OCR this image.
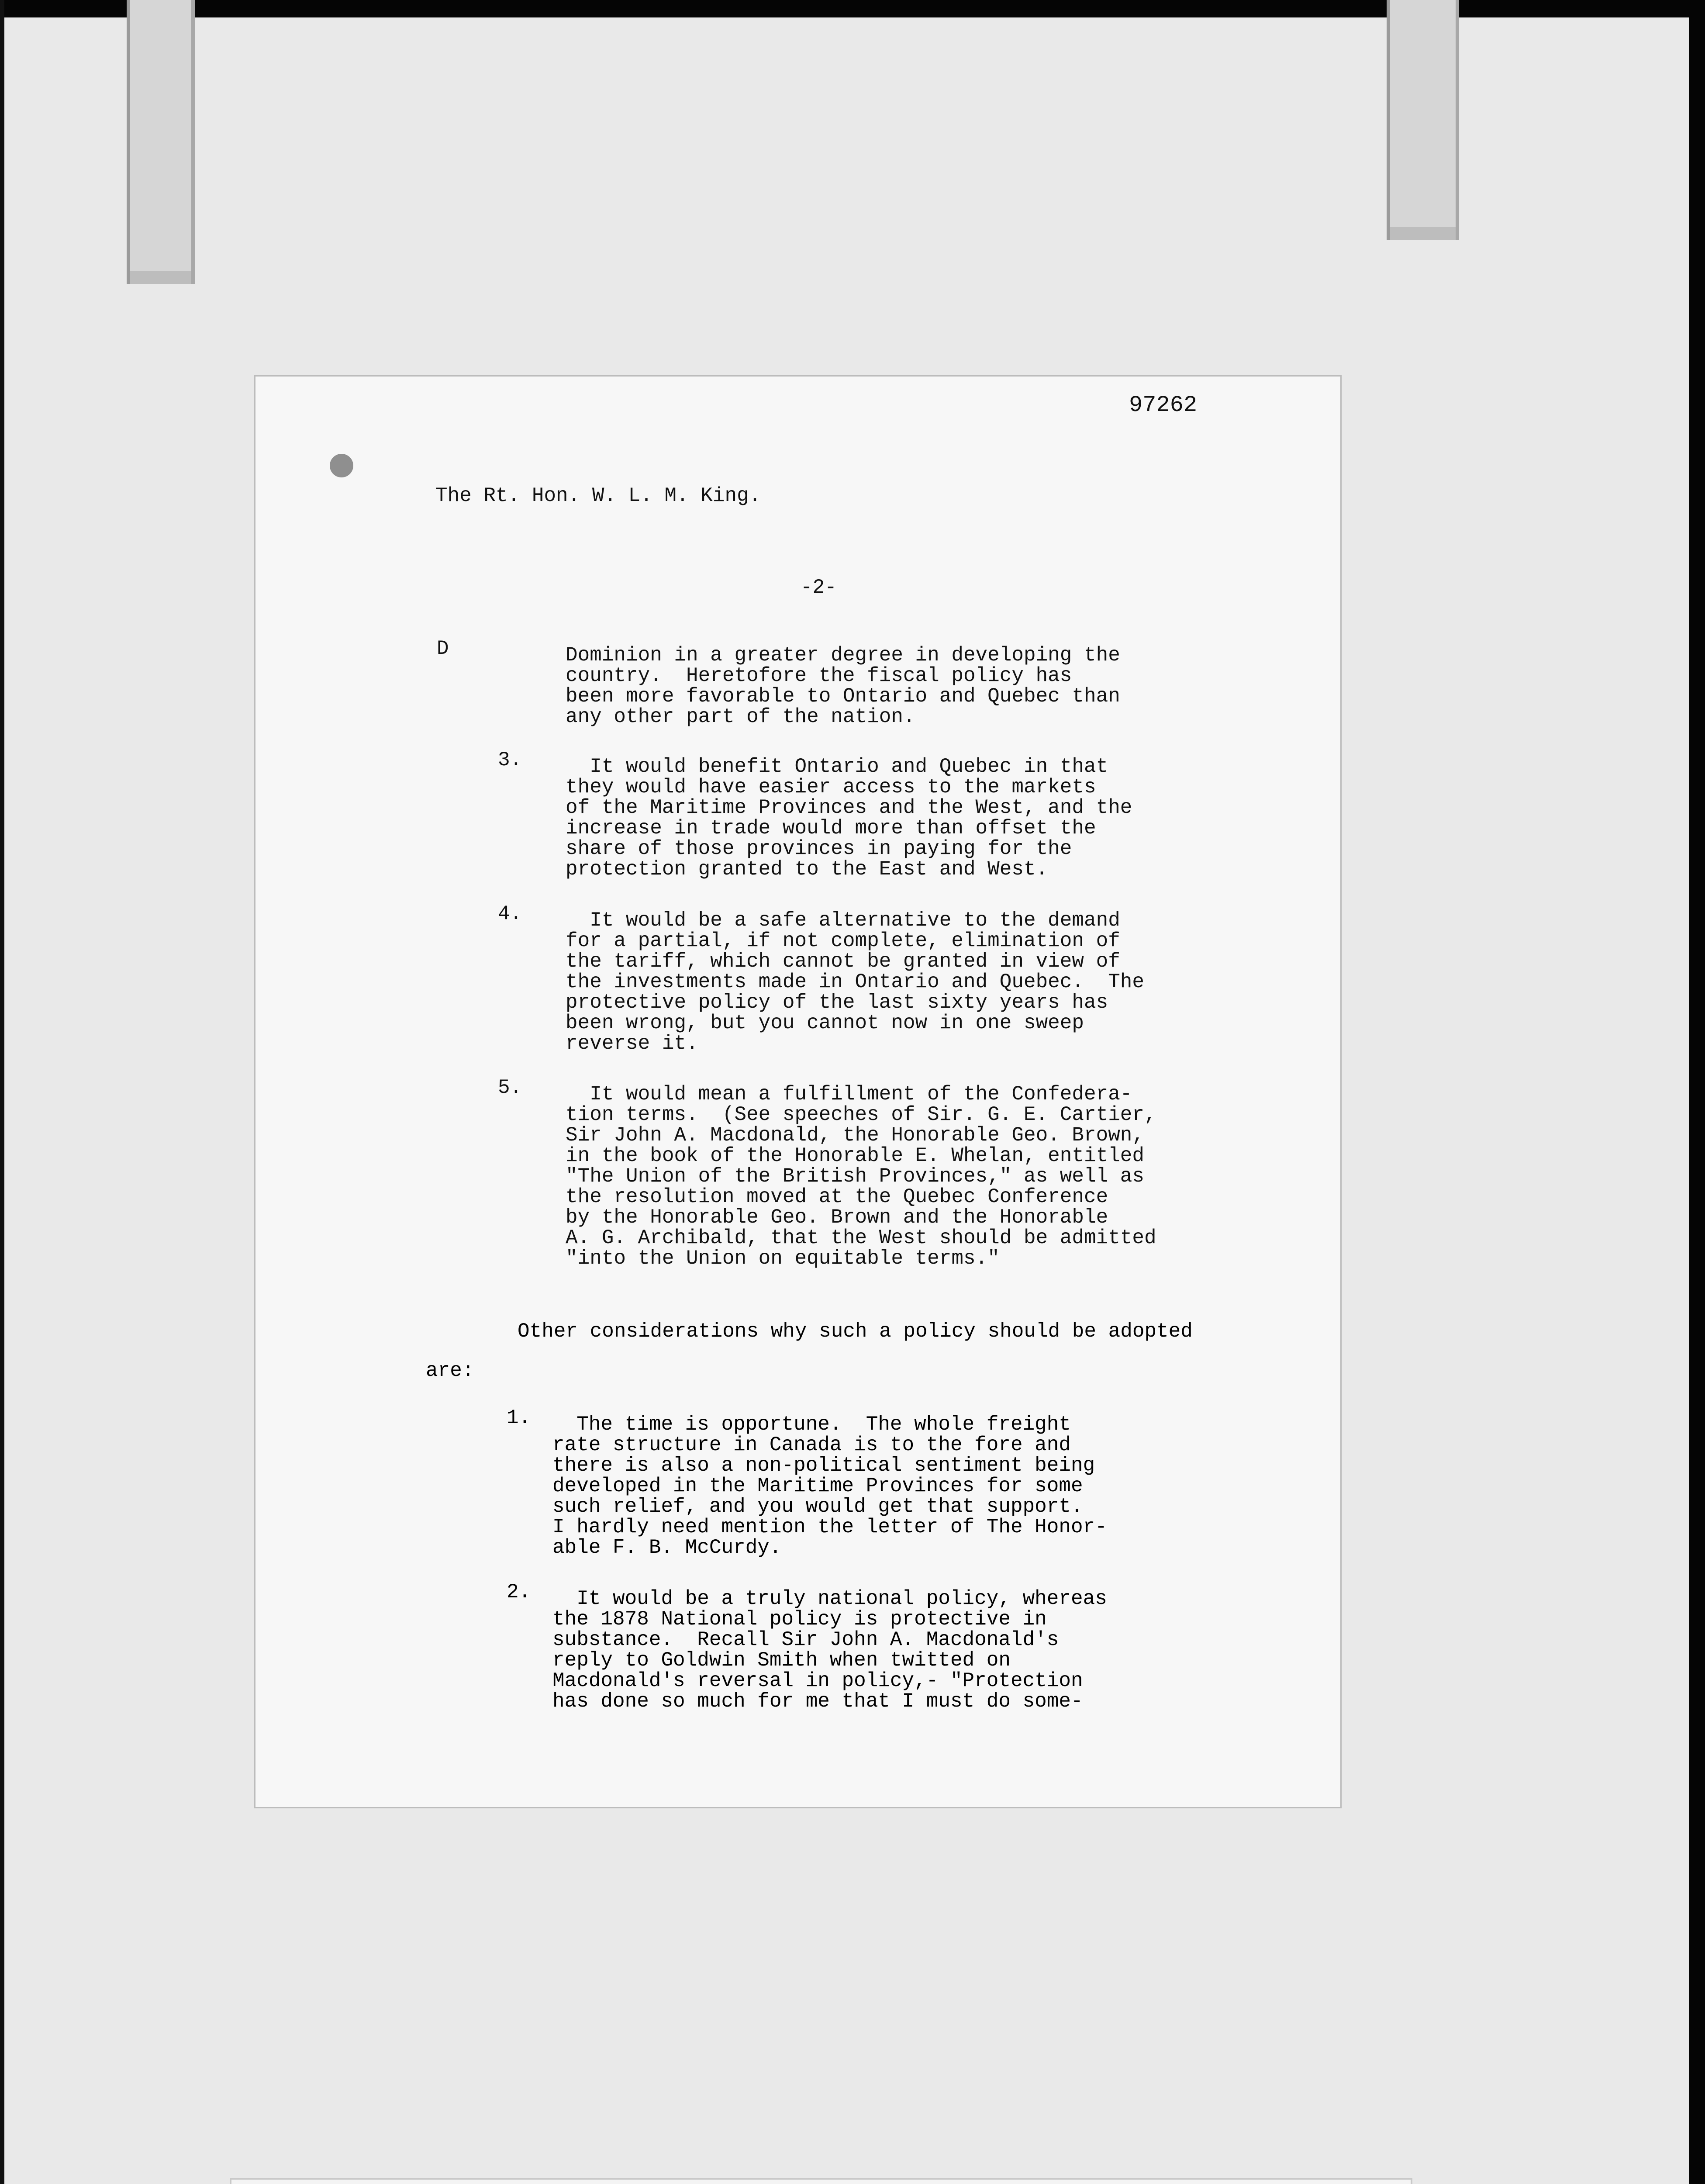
97262

The Rt. Hon. W. L. M. King.

-2-

D	Dominion in a greater degree in developing the

country.  Heretofore the fiscal policy has

been more favorable to Ontario and Quebec than

any other part of the nation.

3. It would benefit Ontario and Quebec in that

they would have easier access to the markets

of the Maritime Provinces and the West, and the

increase in trade would more than offset the

share of those provinces in paying for the

protection granted to the East and West.

4. It would be a safe alternative to the demand

for a partial, if not complete, elimination of

the tariff, which cannot be granted in view of

the investments made in Ontario and Quebec.  The

protective policy of the last sixty years has

been wrong, but you cannot now in one sweep

reverse it.

5. It would mean a fulfillment of the Confedera-

tion terms.  (See speeches of Sir. G. E. Cartier,

Sir John A. Macdonald, the Honorable Geo. Brown,

in the book of the Honorable E. Whelan, entitled

"The Union of the British Provinces," as well as

the resolution moved at the Quebec Conference

by the Honorable Geo. Brown and the Honorable

A. G. Archibald, that the West should be admitted

"into the Union on equitable terms."

Other considerations why such a policy should be adopted

are:

1. The time is opportune.  The whole freight

rate structure in Canada is to the fore and

there is also a non-political sentiment being

developed in the Maritime Provinces for some

such relief, and you would get that support.

I hardly need mention the letter of The Honor-

able F. B. McCurdy.

2. It would be a truly national policy, whereas

the 1878 National policy is protective in

substance.  Recall Sir John A. Macdonald's

reply to Goldwin Smith when twitted on

Macdonald's reversal in policy,- "Protection

has done so much for me that I must do some-
